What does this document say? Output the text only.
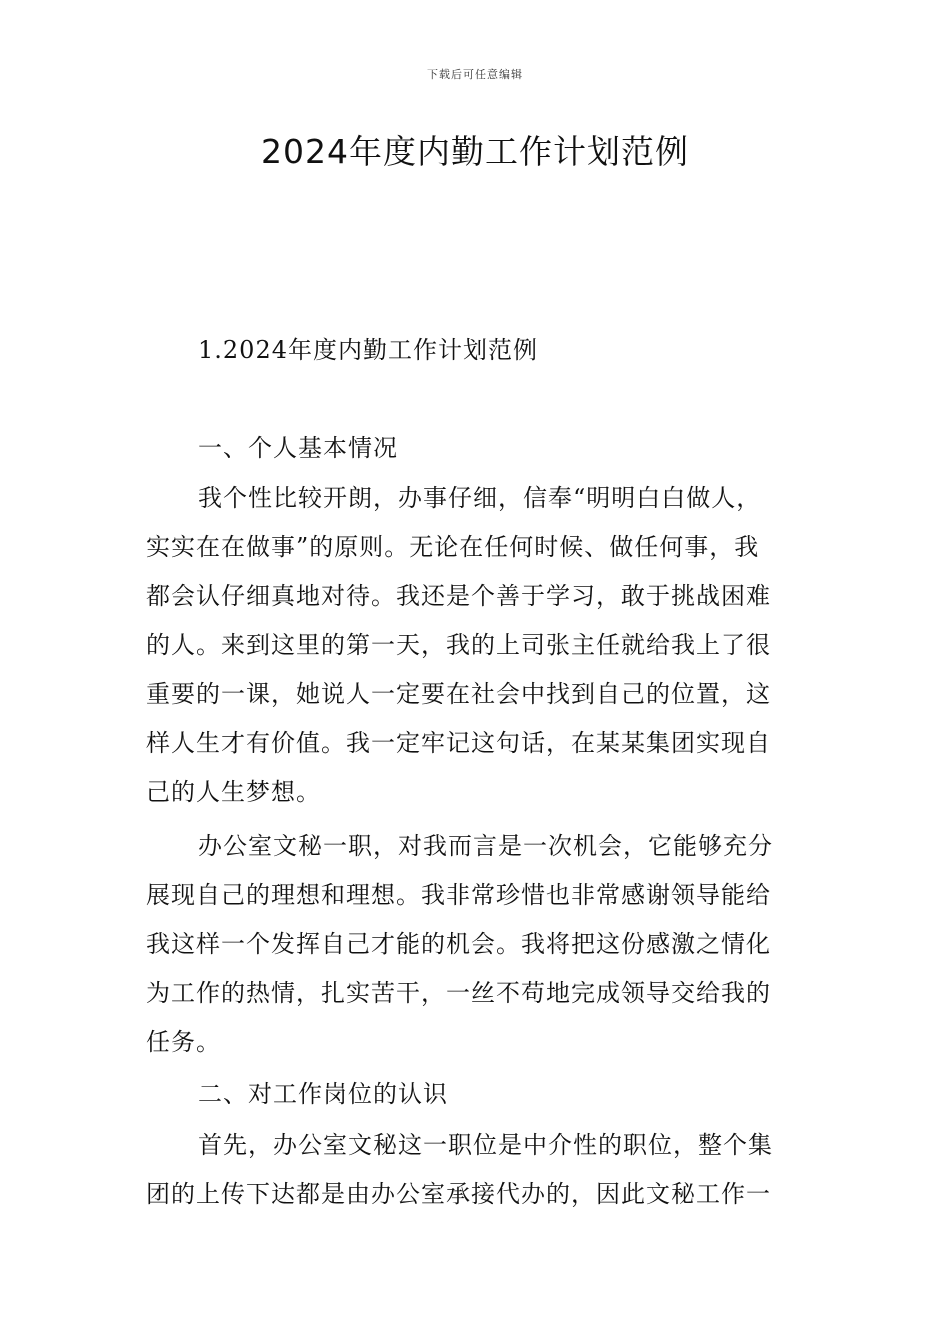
下载后可任意编辑
2024年度内勤工作计划范例
1.2024年度内勤工作计划范例
一、个人基本情况
我个性比较开朗，办事仔细，信奉“明明白白做人，
实实在在做事”的原则。无论在任何时候、做任何事，我
都会认仔细真地对待。我还是个善于学习，敢于挑战困难
的人。来到这里的第一天，我的上司张主任就给我上了很
重要的一课，她说人一定要在社会中找到自己的位置，这
样人生才有价值。我一定牢记这句话，在某某集团实现自
己的人生梦想。
办公室文秘一职，对我而言是一次机会，它能够充分
展现自己的理想和理想。我非常珍惜也非常感谢领导能给
我这样一个发挥自己才能的机会。我将把这份感激之情化
为工作的热情，扎实苦干，一丝不苟地完成领导交给我的
任务。
二、对工作岗位的认识
首先，办公室文秘这一职位是中介性的职位，整个集
团的上传下达都是由办公室承接代办的，因此文秘工作一
